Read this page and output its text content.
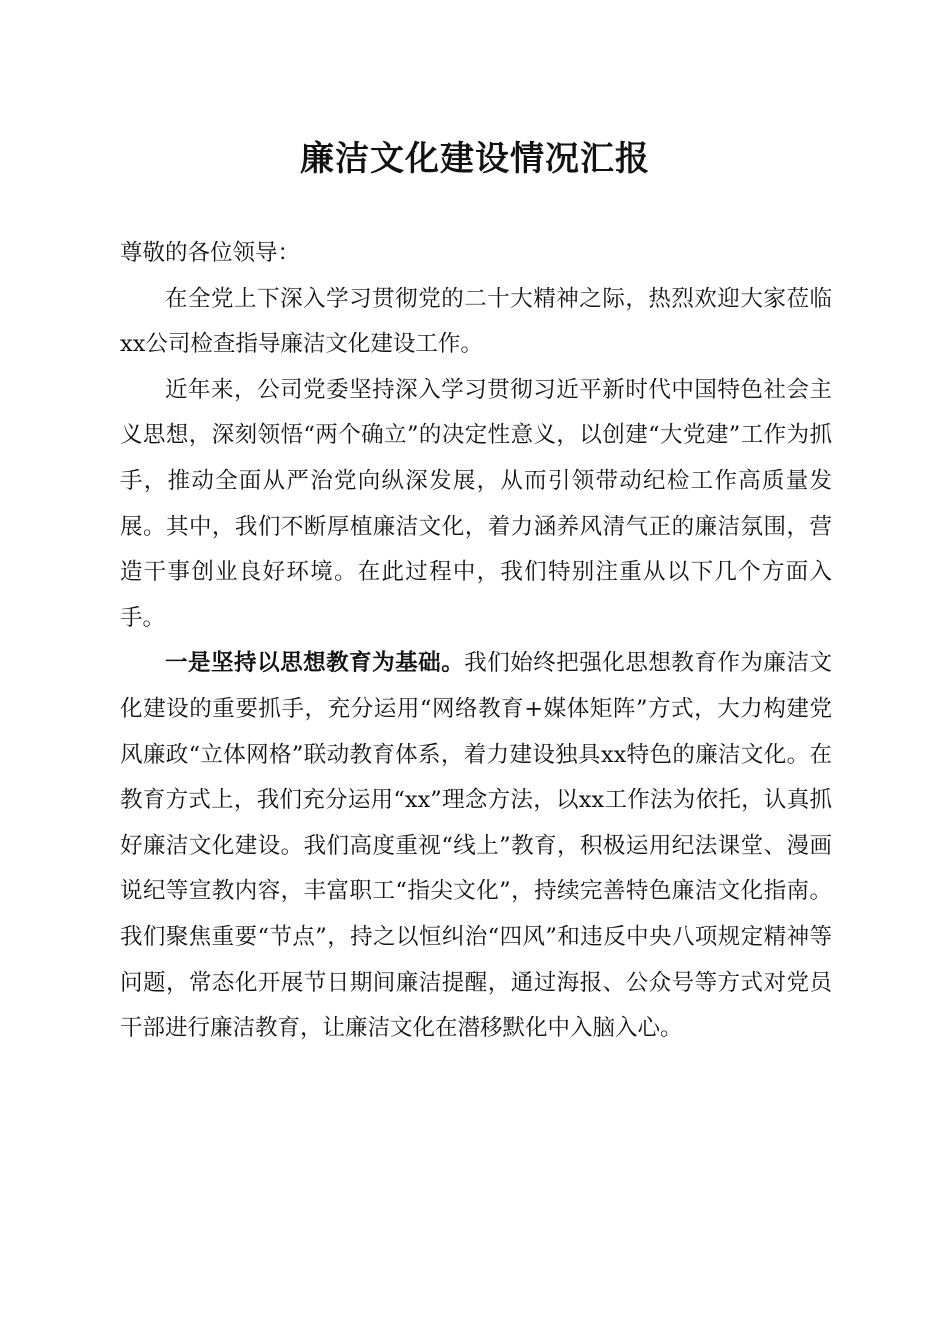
廉洁文化建设情况汇报

尊敬的各位领导：

在全党上下深入学习贯彻党的二十大精神之际，热烈欢迎大家莅临xx公司检查指导廉洁文化建设工作。

近年来，公司党委坚持深入学习贯彻习近平新时代中国特色社会主义思想，深刻领悟“两个确立”的决定性意义，以创建“大党建”工作为抓手，推动全面从严治党向纵深发展，从而引领带动纪检工作高质量发展。其中，我们不断厚植廉洁文化，着力涵养风清气正的廉洁氛围，营造干事创业良好环境。在此过程中，我们特别注重从以下几个方面入手。

一是坚持以思想教育为基础。我们始终把强化思想教育作为廉洁文化建设的重要抓手，充分运用“网络教育+媒体矩阵”方式，大力构建党风廉政“立体网格”联动教育体系，着力建设独具xx特色的廉洁文化。在教育方式上，我们充分运用“xx”理念方法，以xx工作法为依托，认真抓好廉洁文化建设。我们高度重视“线上”教育，积极运用纪法课堂、漫画说纪等宣教内容，丰富职工“指尖文化”，持续完善特色廉洁文化指南。我们聚焦重要“节点”，持之以恒纠治“四风”和违反中央八项规定精神等问题，常态化开展节日期间廉洁提醒，通过海报、公众号等方式对党员干部进行廉洁教育，让廉洁文化在潜移默化中入脑入心。
